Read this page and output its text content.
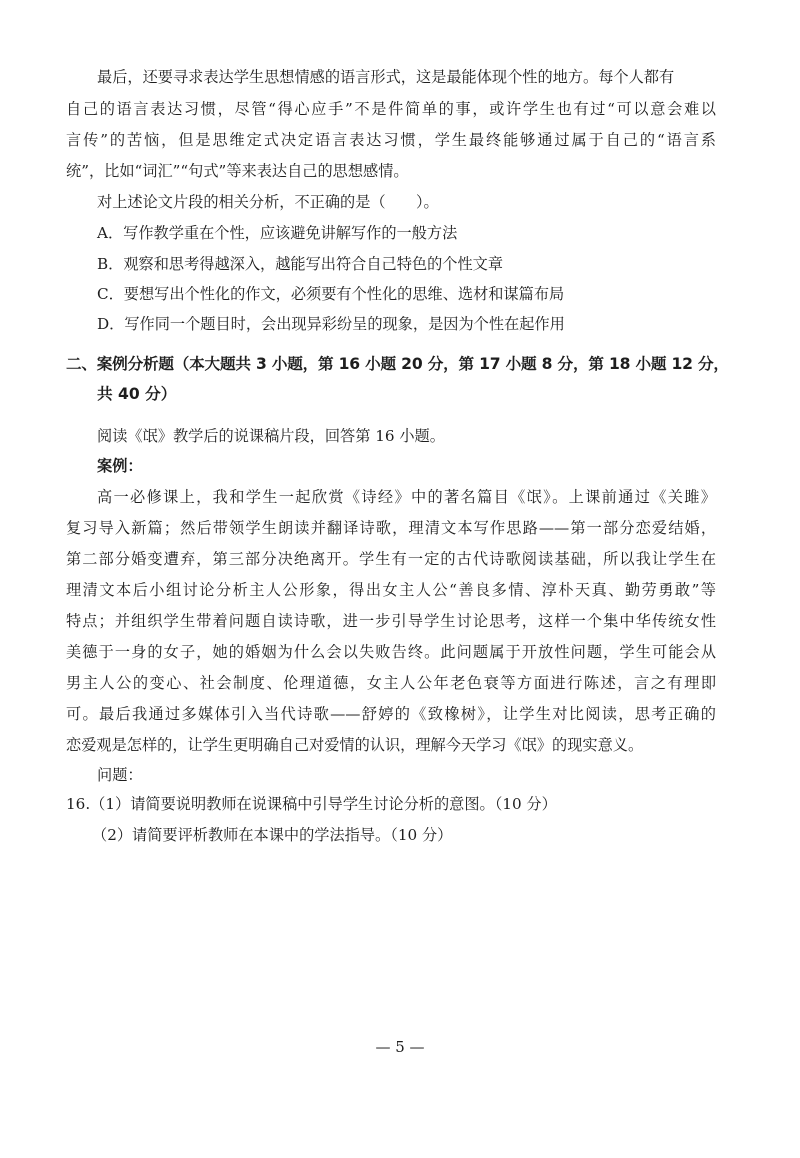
最后，还要寻求表达学生思想情感的语言形式，这是最能体现个性的地方。每个人都有
自己的语言表达习惯，尽管“得心应手”不是件简单的事，或许学生也有过“可以意会难以
言传”的苦恼，但是思维定式决定语言表达习惯，学生最终能够通过属于自己的“语言系
统”，比如“词汇”“句式”等来表达自己的思想感情。
对上述论文片段的相关分析，不正确的是（　　）。
A．写作教学重在个性，应该避免讲解写作的一般方法
B．观察和思考得越深入，越能写出符合自己特色的个性文章
C．要想写出个性化的作文，必须要有个性化的思维、选材和谋篇布局
D．写作同一个题目时，会出现异彩纷呈的现象，是因为个性在起作用
二、案例分析题（本大题共 3 小题，第 16 小题 20 分，第 17 小题 8 分，第 18 小题 12 分，
共 40 分）
阅读《氓》教学后的说课稿片段，回答第 16 小题。
案例：
高一必修课上，我和学生一起欣赏《诗经》中的著名篇目《氓》。上课前通过《关雎》
复习导入新篇；然后带领学生朗读并翻译诗歌，理清文本写作思路——第一部分恋爱结婚，
第二部分婚变遭弃，第三部分决绝离开。学生有一定的古代诗歌阅读基础，所以我让学生在
理清文本后小组讨论分析主人公形象，得出女主人公“善良多情、淳朴天真、勤劳勇敢”等
特点；并组织学生带着问题自读诗歌，进一步引导学生讨论思考，这样一个集中华传统女性
美德于一身的女子，她的婚姻为什么会以失败告终。此问题属于开放性问题，学生可能会从
男主人公的变心、社会制度、伦理道德，女主人公年老色衰等方面进行陈述，言之有理即
可。最后我通过多媒体引入当代诗歌——舒婷的《致橡树》，让学生对比阅读，思考正确的
恋爱观是怎样的，让学生更明确自己对爱情的认识，理解今天学习《氓》的现实意义。
问题：
16.（1）请简要说明教师在说课稿中引导学生讨论分析的意图。（10 分）
（2）请简要评析教师在本课中的学法指导。（10 分）
— 5 —
